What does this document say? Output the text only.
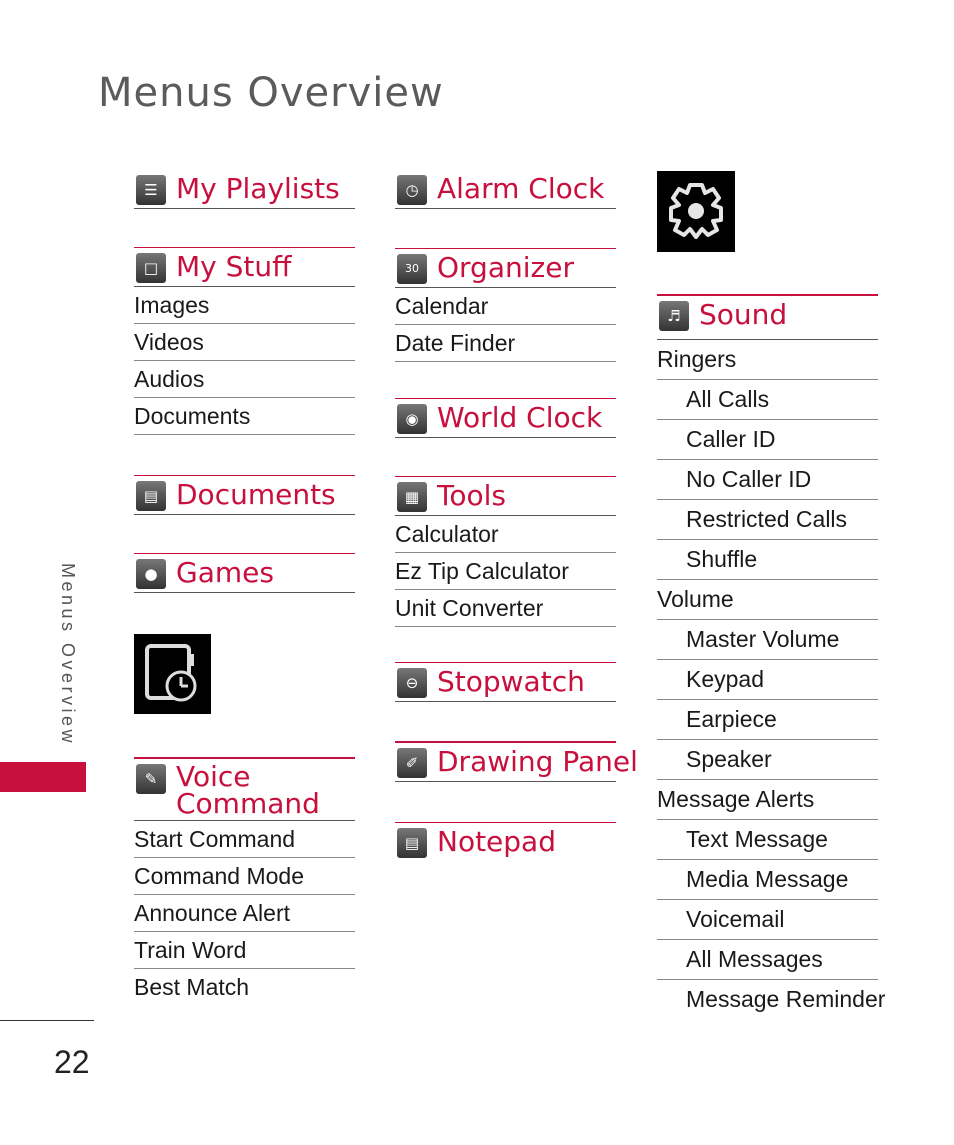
Menus Overview
Menus Overview
22
☰ My Playlists
□ My Stuff
Images
Videos
Audios
Documents
▤ Documents
● Games
✎ Voice
Command
Start Command
Command Mode
Announce Alert
Train Word
Best Match
◷ Alarm Clock
30 Organizer
Calendar
Date Finder
◉ World Clock
▦ Tools
Calculator
Ez Tip Calculator
Unit Converter
⊖ Stopwatch
✐ Drawing Panel
▤ Notepad
♬ Sound
Ringers
All Calls
Caller ID
No Caller ID
Restricted Calls
Shuffle
Volume
Master Volume
Keypad
Earpiece
Speaker
Message Alerts
Text Message
Media Message
Voicemail
All Messages
Message Reminder
